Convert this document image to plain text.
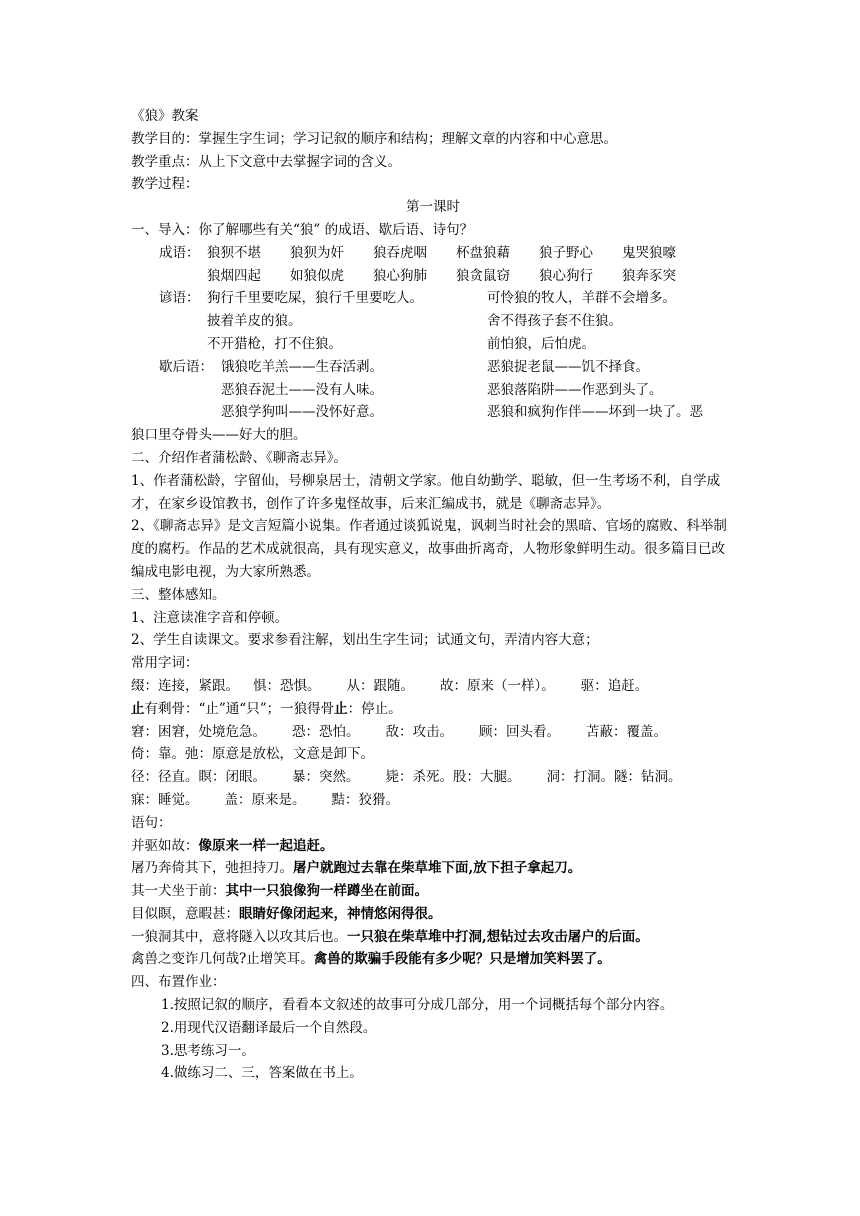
《狼》教案
教学目的：掌握生字生词；学习记叙的顺序和结构；理解文章的内容和中心意思。
教学重点：从上下文意中去掌握字词的含义。
教学过程：
第一课时
一、导入：你了解哪些有关“狼” 的成语、歇后语、诗句？
成语： 狼狈不堪 狼狈为奸 狼吞虎咽 杯盘狼藉 狼子野心 鬼哭狼嚎
狼烟四起 如狼似虎 狼心狗肺 狼贪鼠窃 狼心狗行 狼奔豕突
谚语： 狗行千里要吃屎，狼行千里要吃人。	可怜狼的牧人，羊群不会增多。
披着羊皮的狼。	舍不得孩子套不住狼。
不开猎枪，打不住狼。	前怕狼，后怕虎。
歇后语： 饿狼吃羊羔——生吞活剥。	恶狼捉老鼠——饥不择食。
恶狼吞泥土——没有人味。	恶狼落陷阱——作恶到头了。
恶狼学狗叫——没怀好意。	恶狼和疯狗作伴——坏到一块了。恶
狼口里夺骨头——好大的胆。
二、介绍作者蒲松龄、《聊斋志异》。
1、作者蒲松龄，字留仙，号柳泉居士，清朝文学家。他自幼勤学、聪敏，但一生考场不利，自学成才，在家乡设馆教书，创作了许多鬼怪故事，后来汇编成书，就是《聊斋志异》。
2、《聊斋志异》是文言短篇小说集。作者通过谈狐说鬼，讽刺当时社会的黑暗、官场的腐败、科举制度的腐朽。作品的艺术成就很高，具有现实意义，故事曲折离奇，人物形象鲜明生动。很多篇目已改编成电影电视，为大家所熟悉。
三、整体感知。
1、注意读准字音和停顿。
2、学生自读课文。要求参看注解，划出生字生词；试通文句，弄清内容大意；
常用字词：
缀：连接，紧跟。 惧：恐惧。 从：跟随。 故：原来（一样）。 驱：追赶。
止有剩骨：“止”通“只”；一狼得骨止：停止。
窘：困窘，处境危急。 恐：恐怕。 敌：攻击。 顾：回头看。 苫蔽：覆盖。
倚：靠。弛：原意是放松，文意是卸下。
径：径直。瞑：闭眼。 暴：突然。 毙：杀死。股：大腿。 洞：打洞。隧：钻洞。
寐：睡觉。 盖：原来是。 黠：狡猾。
语句：
并驱如故：像原来一样一起追赶。
屠乃奔倚其下，弛担持刀。屠户就跑过去靠在柴草堆下面,放下担子拿起刀。
其一犬坐于前：其中一只狼像狗一样蹲坐在前面。
目似瞑，意暇甚：眼睛好像闭起来，神情悠闲得很。
一狼洞其中，意将隧入以攻其后也。一只狼在柴草堆中打洞,想钻过去攻击屠户的后面。
禽兽之变诈几何哉?止增笑耳。禽兽的欺骗手段能有多少呢？只是增加笑料罢了。
四、布置作业：
1.按照记叙的顺序，看看本文叙述的故事可分成几部分，用一个词概括每个部分内容。
2.用现代汉语翻译最后一个自然段。
3.思考练习一。
4.做练习二、三，答案做在书上。
